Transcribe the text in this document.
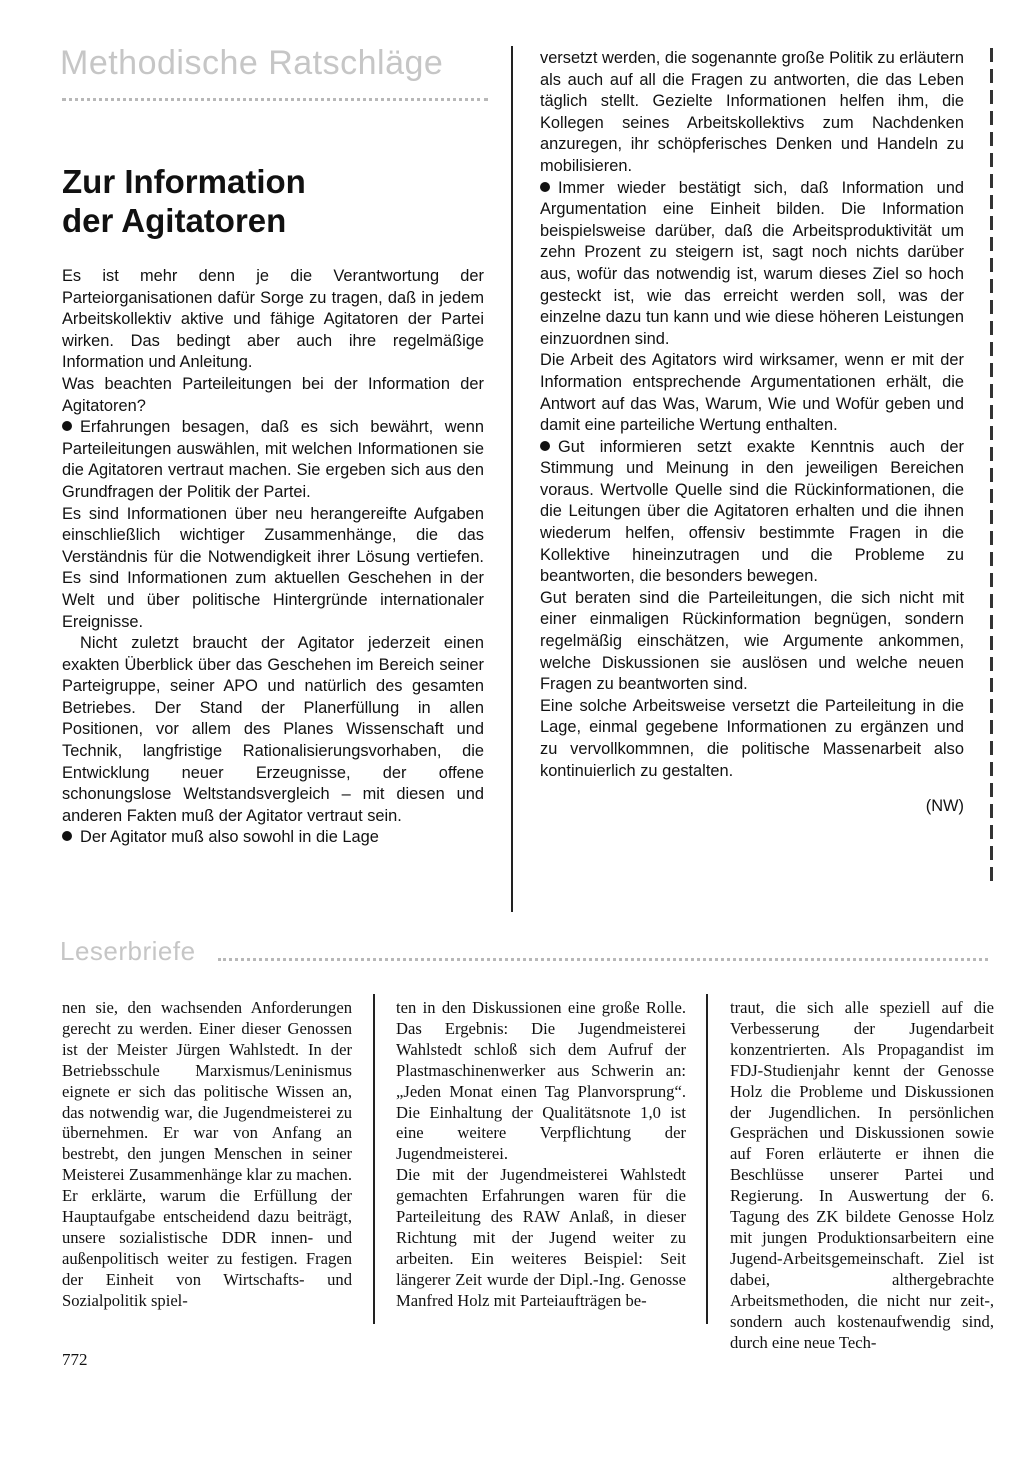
Methodische Ratschläge
Zur Information
der Agitatoren

Es ist mehr denn je die Verantwortung der Parteiorganisationen dafür Sorge zu tragen, daß in jedem Arbeitskollektiv aktive und fähige Agitatoren der Partei wirken. Das bedingt aber auch ihre regelmäßige Information und Anleitung.

Was beachten Parteileitungen bei der Information der Agitatoren?

Erfahrungen besagen, daß es sich bewährt, wenn Parteileitungen auswählen, mit welchen Informationen sie die Agitatoren vertraut machen. Sie ergeben sich aus den Grundfragen der Politik der Partei.

Es sind Informationen über neu herangereifte Aufgaben einschließlich wichtiger Zusammenhänge, die das Verständnis für die Notwendigkeit ihrer Lösung vertiefen. Es sind Informationen zum aktuellen Geschehen in der Welt und über politische Hintergründe internationaler Ereignisse.

Nicht zuletzt braucht der Agitator jederzeit einen exakten Überblick über das Geschehen im Bereich seiner Parteigruppe, seiner APO und natürlich des gesamten Betriebes. Der Stand der Planerfüllung in allen Positionen, vor allem des Planes Wissenschaft und Technik, langfristige Rationalisierungsvorhaben, die Entwicklung neuer Erzeugnisse, der offene schonungslose Weltstandsvergleich – mit diesen und anderen Fakten muß der Agitator vertraut sein.

Der Agitator muß also sowohl in die Lage

versetzt werden, die sogenannte große Politik zu erläutern als auch auf all die Fragen zu antworten, die das Leben täglich stellt. Gezielte Informationen helfen ihm, die Kollegen seines Arbeitskollektivs zum Nachdenken anzuregen, ihr schöpferisches Denken und Handeln zu mobilisieren.

Immer wieder bestätigt sich, daß Information und Argumentation eine Einheit bilden. Die Information beispielsweise darüber, daß die Arbeitsproduktivität um zehn Prozent zu steigern ist, sagt noch nichts darüber aus, wofür das notwendig ist, warum dieses Ziel so hoch gesteckt ist, wie das erreicht werden soll, was der einzelne dazu tun kann und wie diese höheren Leistungen einzuordnen sind.

Die Arbeit des Agitators wird wirksamer, wenn er mit der Information entsprechende Argumentationen erhält, die Antwort auf das Was, Warum, Wie und Wofür geben und damit eine parteiliche Wertung enthalten.

Gut informieren setzt exakte Kenntnis auch der Stimmung und Meinung in den jeweiligen Bereichen voraus. Wertvolle Quelle sind die Rückinformationen, die die Leitungen über die Agitatoren erhalten und die ihnen wiederum helfen, offensiv bestimmte Fragen in die Kollektive hineinzutragen und die Probleme zu beantworten, die besonders bewegen.

Gut beraten sind die Parteileitungen, die sich nicht mit einer einmaligen Rückinformation begnügen, sondern regelmäßig einschätzen, wie Argumente ankommen, welche Diskussionen sie auslösen und welche neuen Fragen zu beantworten sind.

Eine solche Arbeitsweise versetzt die Parteileitung in die Lage, einmal gegebene Informationen zu ergänzen und zu vervollkommnen, die politische Massenarbeit also kontinuierlich zu gestalten.

(NW)

Leserbriefe

nen sie, den wachsenden Anforderungen gerecht zu werden. Einer dieser Genossen ist der Meister Jürgen Wahlstedt. In der Betriebsschule Marxismus/Leninismus eignete er sich das politische Wissen an, das notwendig war, die Jugendmeisterei zu übernehmen. Er war von Anfang an bestrebt, den jungen Menschen in seiner Meisterei Zusammenhänge klar zu machen. Er erklärte, warum die Erfüllung der Hauptaufgabe entscheidend dazu beiträgt, unsere sozialistische DDR innen- und außenpolitisch weiter zu festigen. Fragen der Einheit von Wirtschafts- und Sozialpolitik spiel-

ten in den Diskussionen eine große Rolle. Das Ergebnis: Die Jugendmeisterei Wahlstedt schloß sich dem Aufruf der Plastmaschinenwerker aus Schwerin an: „Jeden Monat einen Tag Planvorsprung“. Die Einhaltung der Qualitätsnote 1,0 ist eine weitere Verpflichtung der Jugendmeisterei.

Die mit der Jugendmeisterei Wahlstedt gemachten Erfahrungen waren für die Parteileitung des RAW Anlaß, in dieser Richtung mit der Jugend weiter zu arbeiten. Ein weiteres Beispiel: Seit längerer Zeit wurde der Dipl.-Ing. Genosse Manfred Holz mit Parteiaufträgen be-

traut, die sich alle speziell auf die Verbesserung der Jugendarbeit konzentrierten. Als Propagandist im FDJ-Studienjahr kennt der Genosse Holz die Probleme und Diskussionen der Jugendlichen. In persönlichen Gesprächen und Diskussionen sowie auf Foren erläuterte er ihnen die Beschlüsse unserer Partei und Regierung. In Auswertung der 6. Tagung des ZK bildete Genosse Holz mit jungen Produktionsarbeitern eine Jugend-Arbeitsgemeinschaft. Ziel ist dabei, althergebrachte Arbeitsmethoden, die nicht nur zeit-, sondern auch kostenaufwendig sind, durch eine neue Tech-

772
